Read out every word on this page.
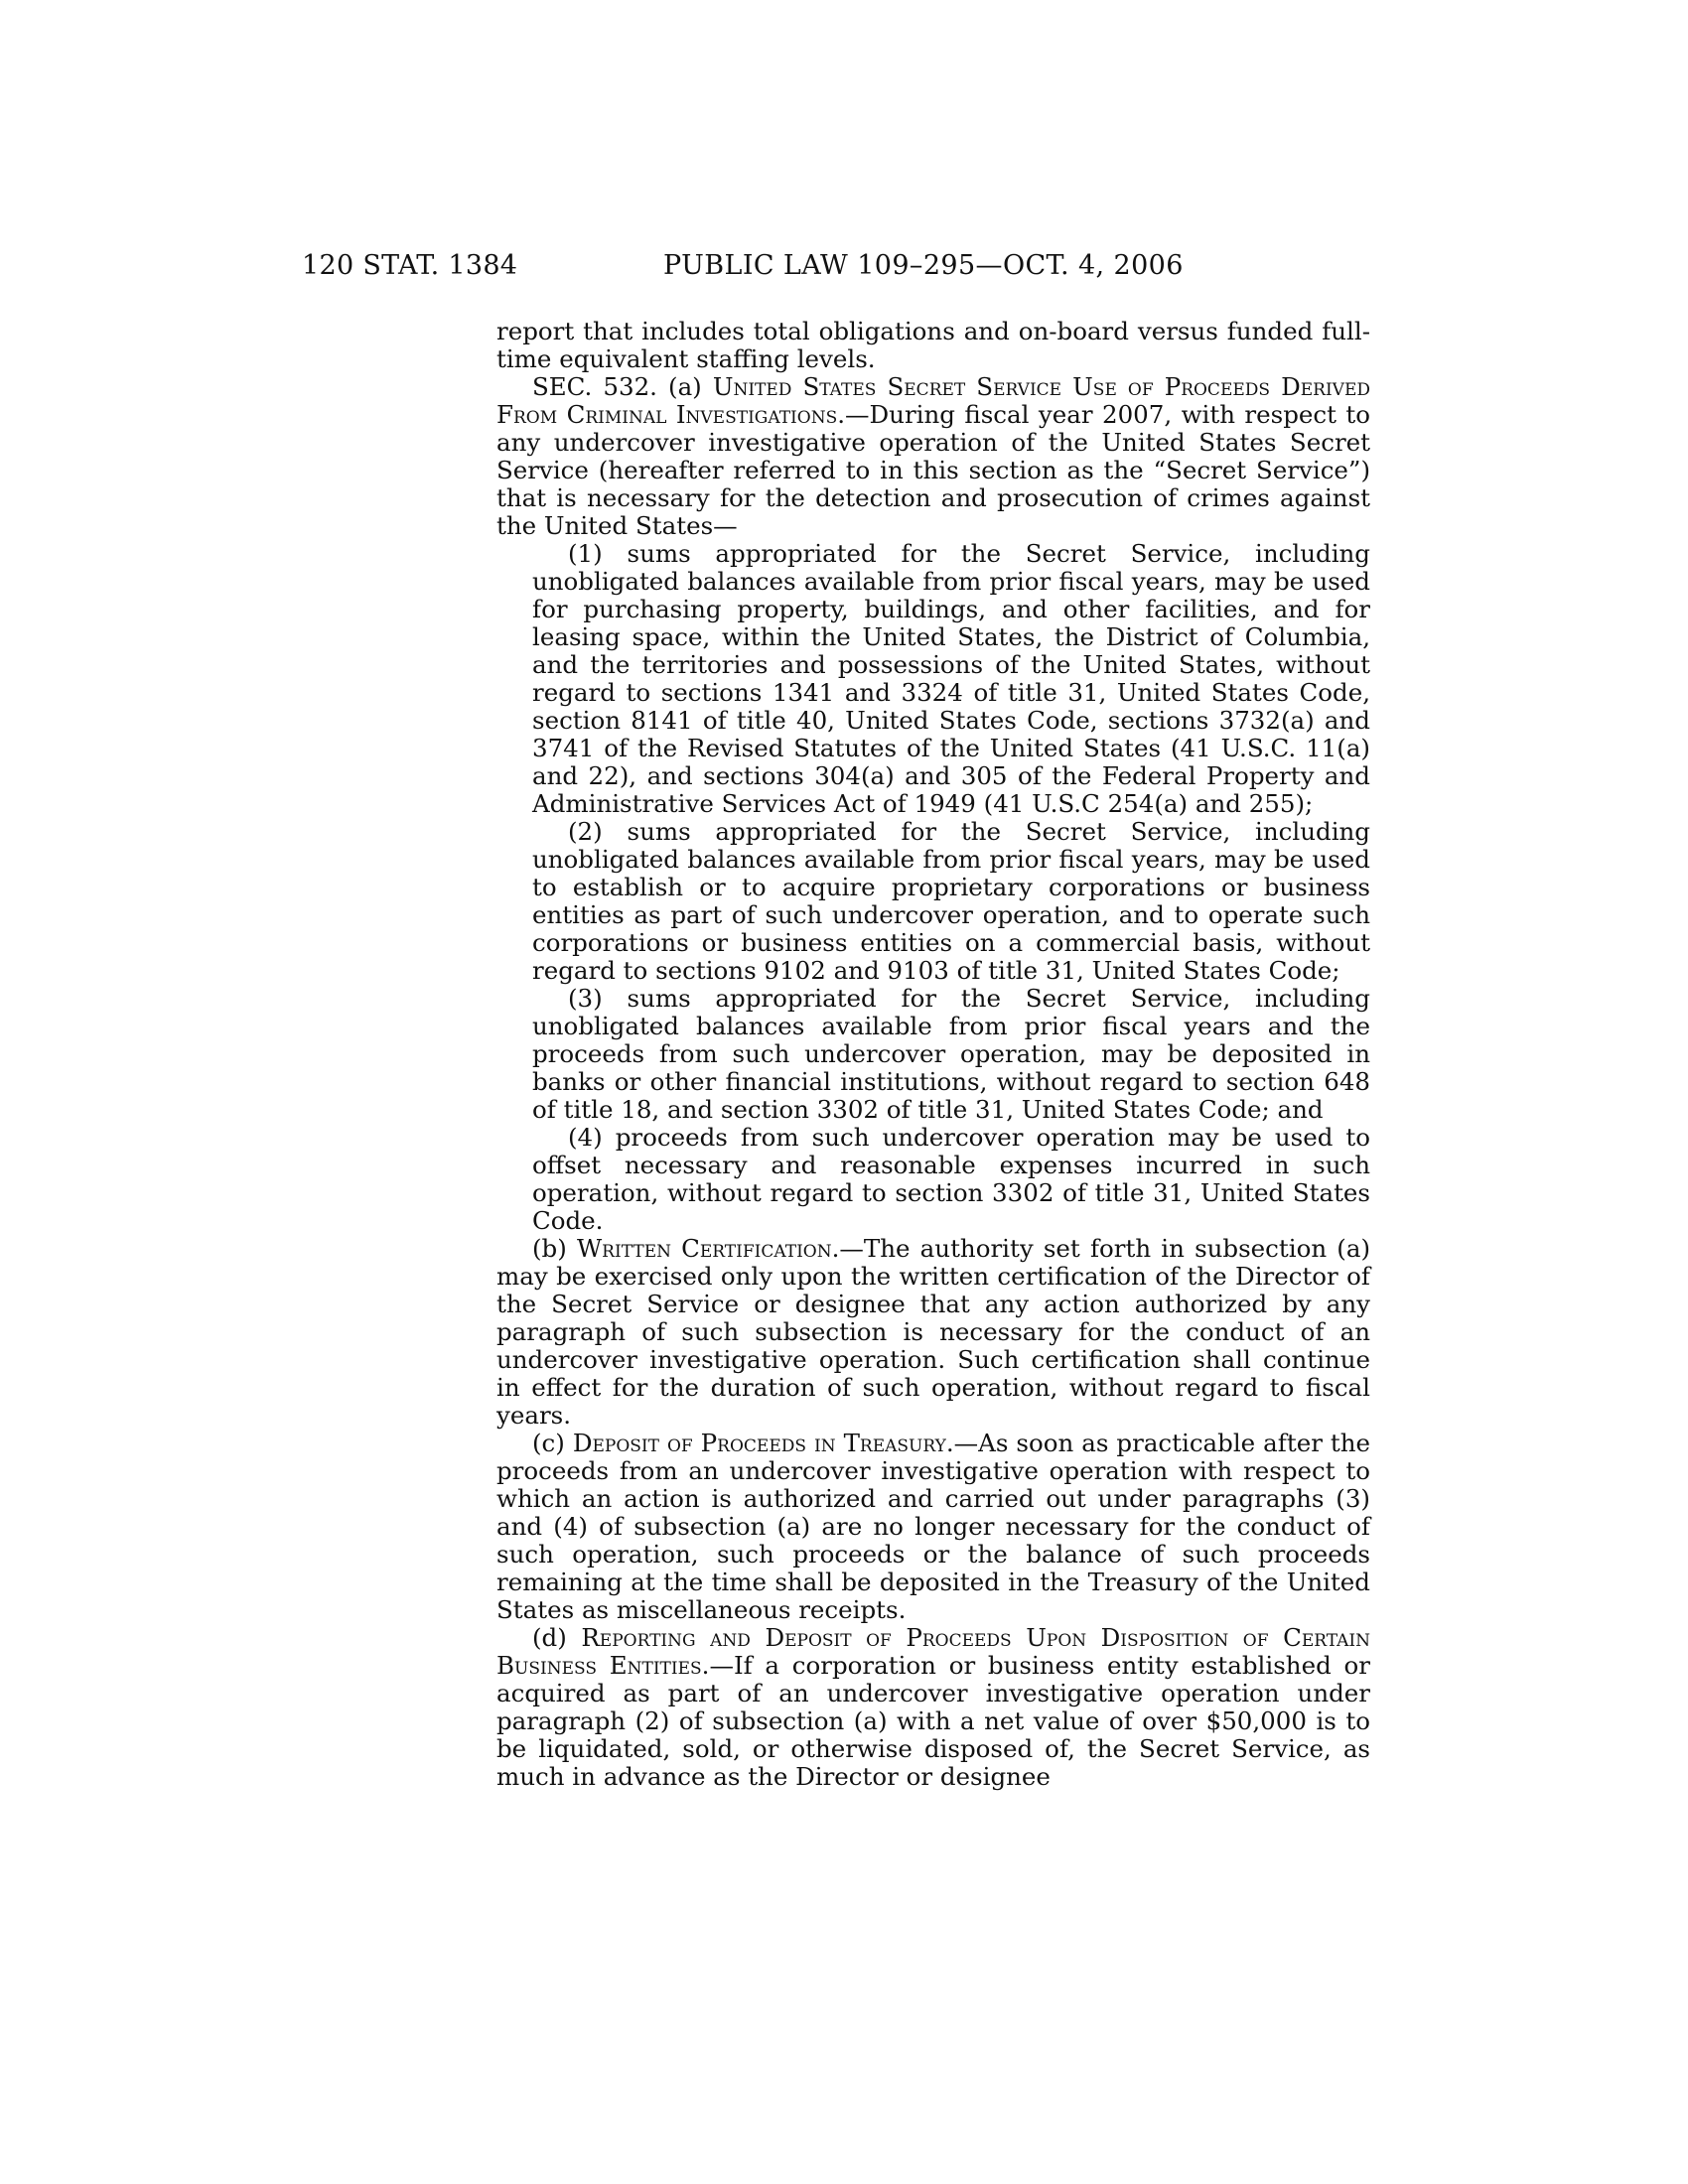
120 STAT. 1384	PUBLIC LAW 109–295—OCT. 4, 2006

report that includes total obligations and on-board versus funded full-time equivalent staffing levels.

SEC. 532. (a) United States Secret Service Use of Proceeds Derived From Criminal Investigations.—During fiscal year 2007, with respect to any undercover investigative operation of the United States Secret Service (hereafter referred to in this section as the “Secret Service”) that is necessary for the detection and prosecution of crimes against the United States—

(1) sums appropriated for the Secret Service, including unobligated balances available from prior fiscal years, may be used for purchasing property, buildings, and other facilities, and for leasing space, within the United States, the District of Columbia, and the territories and possessions of the United States, without regard to sections 1341 and 3324 of title 31, United States Code, section 8141 of title 40, United States Code, sections 3732(a) and 3741 of the Revised Statutes of the United States (41 U.S.C. 11(a) and 22), and sections 304(a) and 305 of the Federal Property and Administrative Services Act of 1949 (41 U.S.C 254(a) and 255);

(2) sums appropriated for the Secret Service, including unobligated balances available from prior fiscal years, may be used to establish or to acquire proprietary corporations or business entities as part of such undercover operation, and to operate such corporations or business entities on a commercial basis, without regard to sections 9102 and 9103 of title 31, United States Code;

(3) sums appropriated for the Secret Service, including unobligated balances available from prior fiscal years and the proceeds from such undercover operation, may be deposited in banks or other financial institutions, without regard to section 648 of title 18, and section 3302 of title 31, United States Code; and

(4) proceeds from such undercover operation may be used to offset necessary and reasonable expenses incurred in such operation, without regard to section 3302 of title 31, United States Code.

(b) Written Certification.—The authority set forth in subsection (a) may be exercised only upon the written certification of the Director of the Secret Service or designee that any action authorized by any paragraph of such subsection is necessary for the conduct of an undercover investigative operation. Such certification shall continue in effect for the duration of such operation, without regard to fiscal years.

(c) Deposit of Proceeds in Treasury.—As soon as practicable after the proceeds from an undercover investigative operation with respect to which an action is authorized and carried out under paragraphs (3) and (4) of subsection (a) are no longer necessary for the conduct of such operation, such proceeds or the balance of such proceeds remaining at the time shall be deposited in the Treasury of the United States as miscellaneous receipts.

(d) Reporting and Deposit of Proceeds Upon Disposition of Certain Business Entities.—If a corporation or business entity established or acquired as part of an undercover investigative operation under paragraph (2) of subsection (a) with a net value of over $50,000 is to be liquidated, sold, or otherwise disposed of, the Secret Service, as much in advance as the Director or designee
